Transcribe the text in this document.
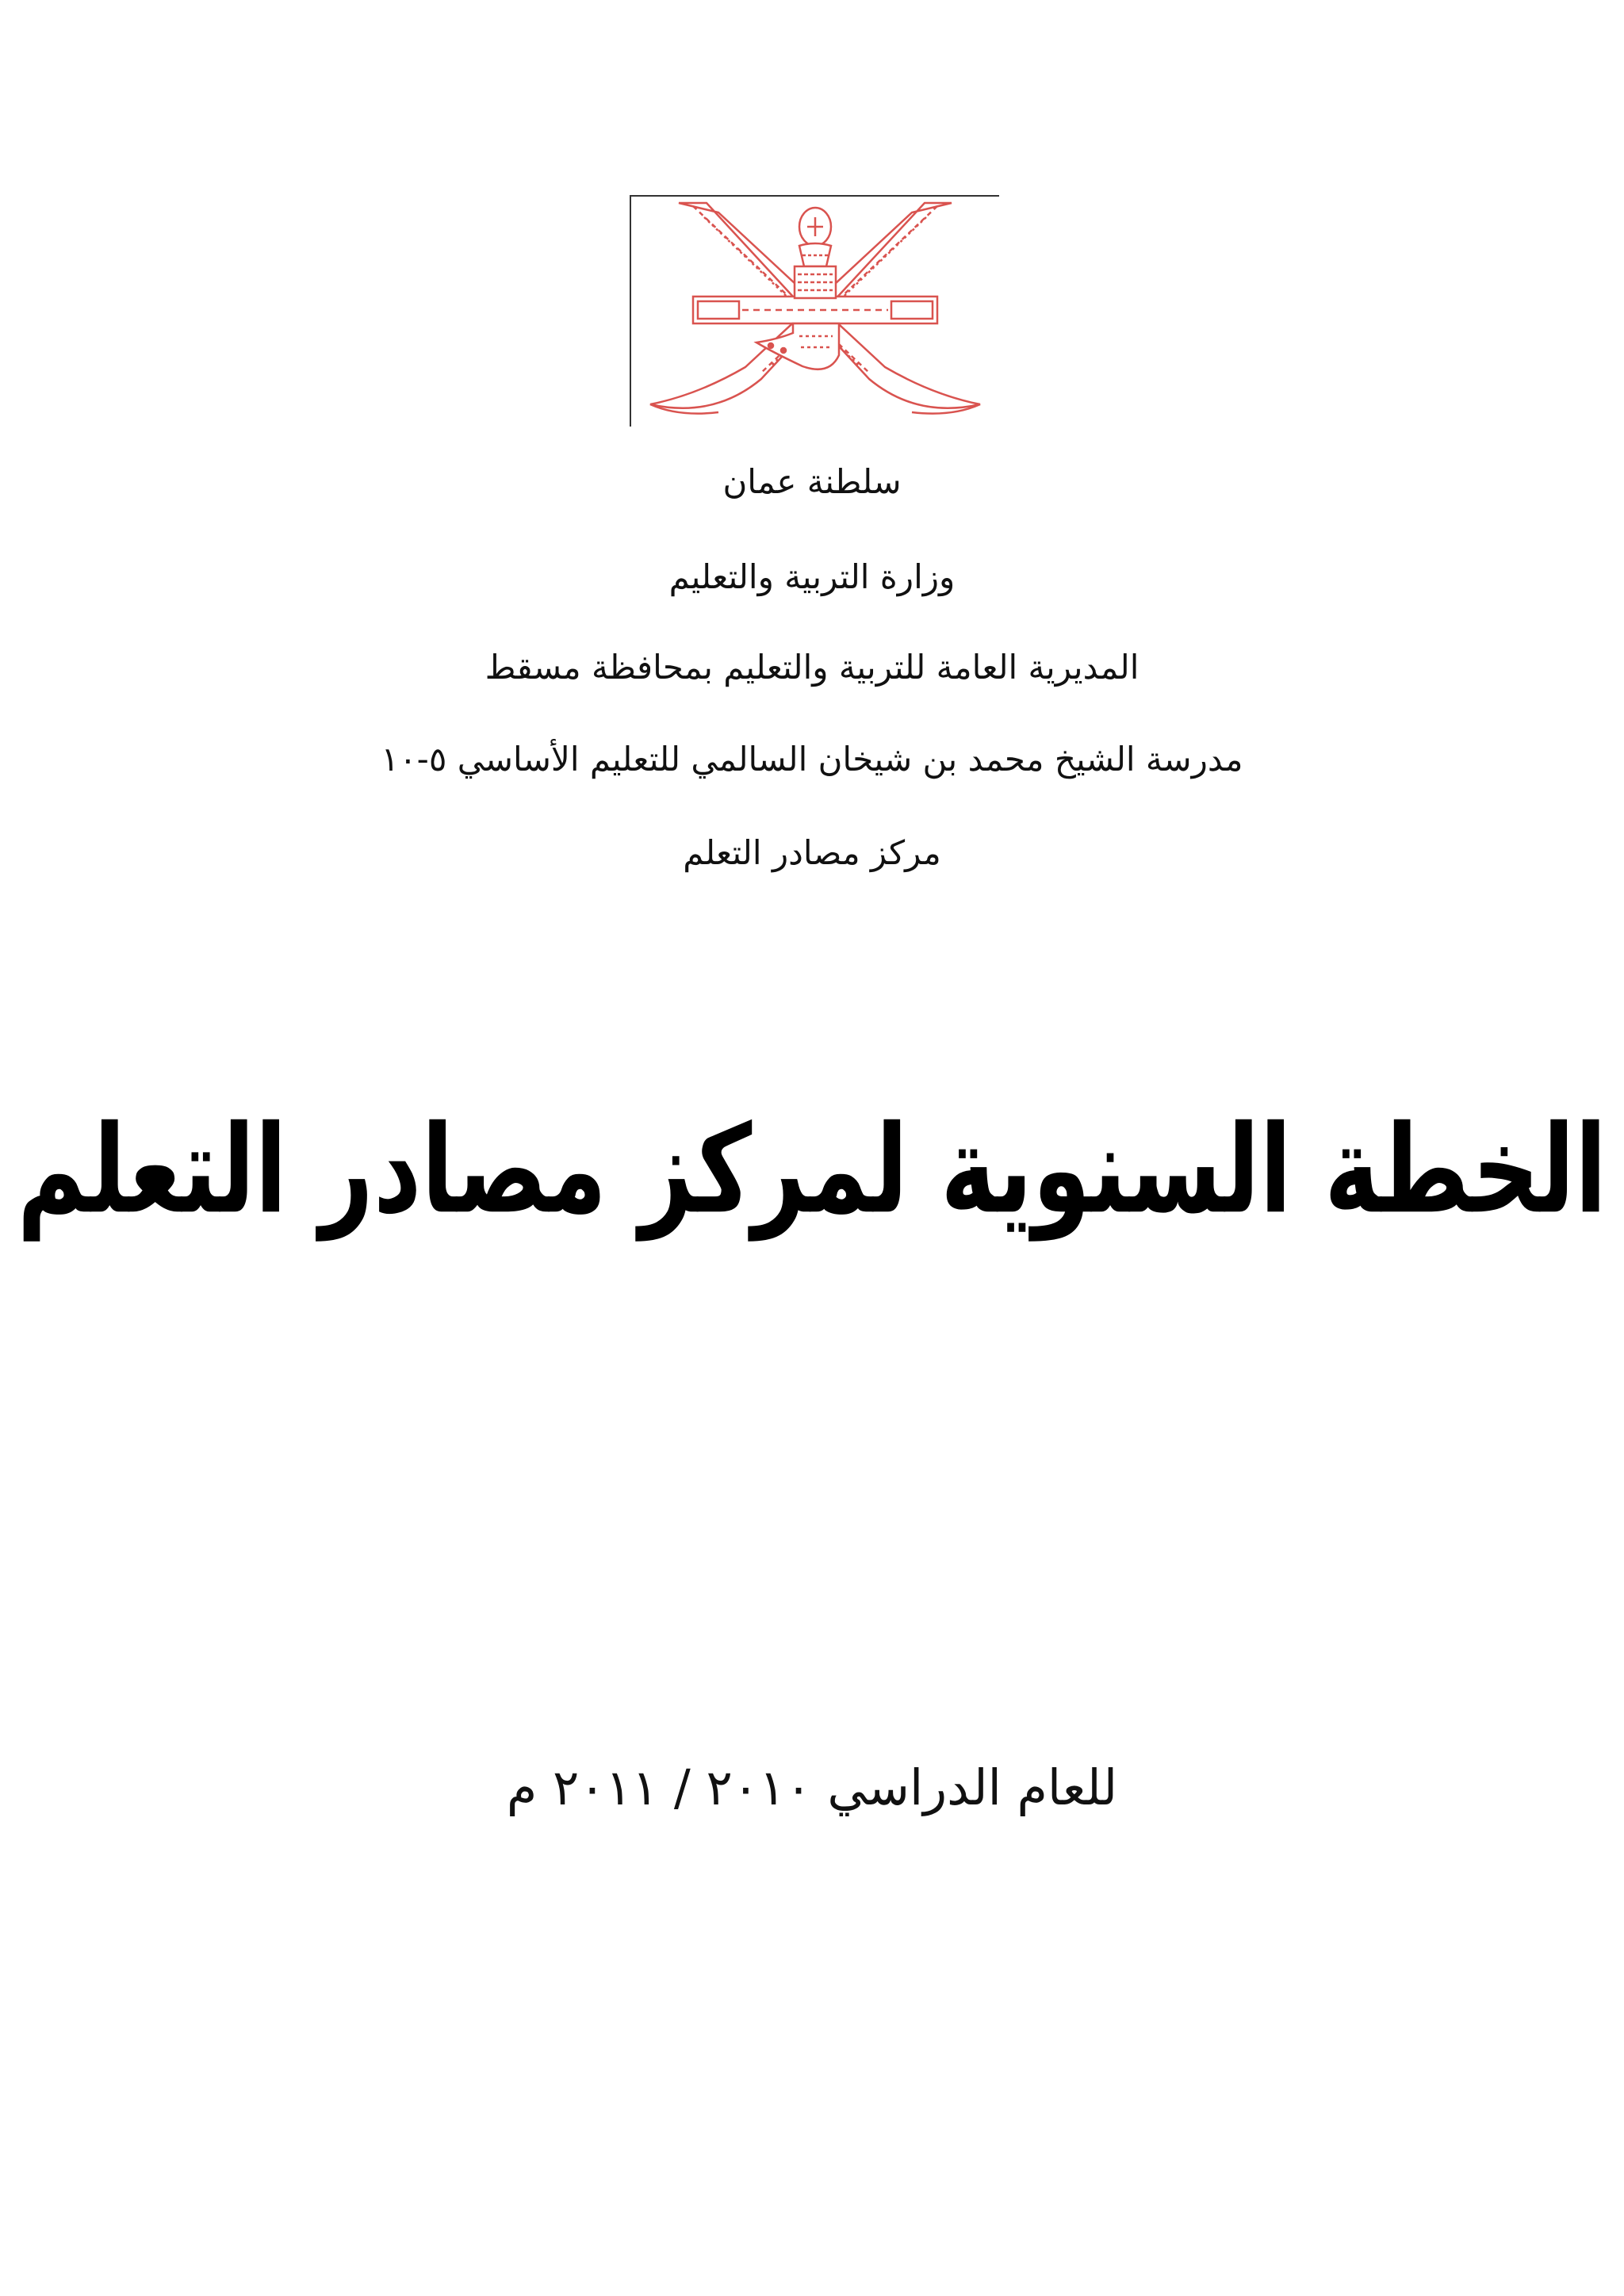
سلطنة عمان
وزارة التربية والتعليم
المديرية العامة للتربية والتعليم بمحافظة مسقط
مدرسة الشيخ محمد بن شيخان السالمي للتعليم الأساسي ٥-١٠
مركز مصادر التعلم
الخطة السنوية لمركز مصادر التعلم
للعام الدراسي ٢٠١٠ / ٢٠١١ م
